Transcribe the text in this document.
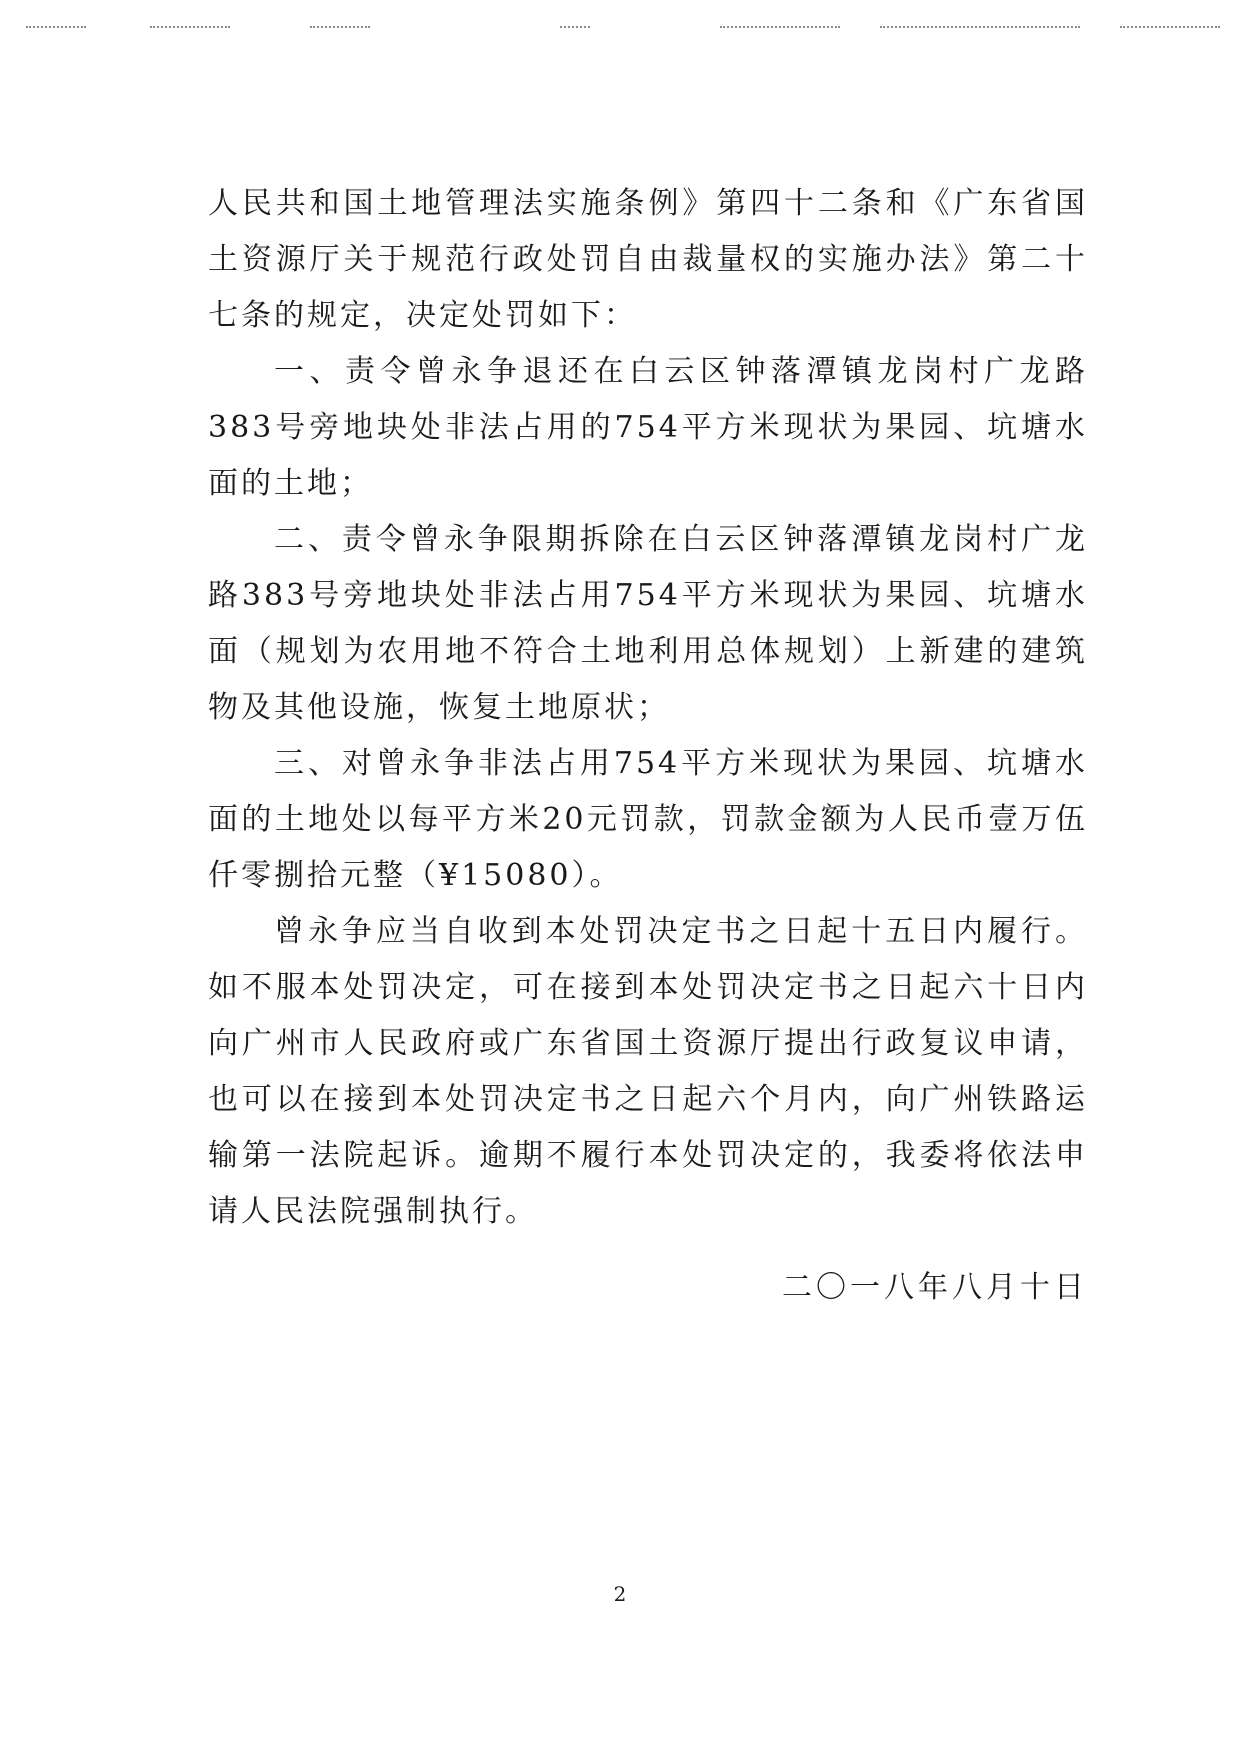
人民共和国土地管理法实施条例》第四十二条和《广东省国土资源厅关于规范行政处罚自由裁量权的实施办法》第二十七条的规定，决定处罚如下：

一、责令曾永争退还在白云区钟落潭镇龙岗村广龙路383号旁地块处非法占用的754平方米现状为果园、坑塘水面的土地；

二、责令曾永争限期拆除在白云区钟落潭镇龙岗村广龙路383号旁地块处非法占用754平方米现状为果园、坑塘水面（规划为农用地不符合土地利用总体规划）上新建的建筑物及其他设施，恢复土地原状；

三、对曾永争非法占用754平方米现状为果园、坑塘水面的土地处以每平方米20元罚款，罚款金额为人民币壹万伍仟零捌拾元整（¥15080）。

曾永争应当自收到本处罚决定书之日起十五日内履行。如不服本处罚决定，可在接到本处罚决定书之日起六十日内向广州市人民政府或广东省国土资源厅提出行政复议申请，也可以在接到本处罚决定书之日起六个月内，向广州铁路运输第一法院起诉。逾期不履行本处罚决定的，我委将依法申请人民法院强制执行。

二〇一八年八月十日
2
